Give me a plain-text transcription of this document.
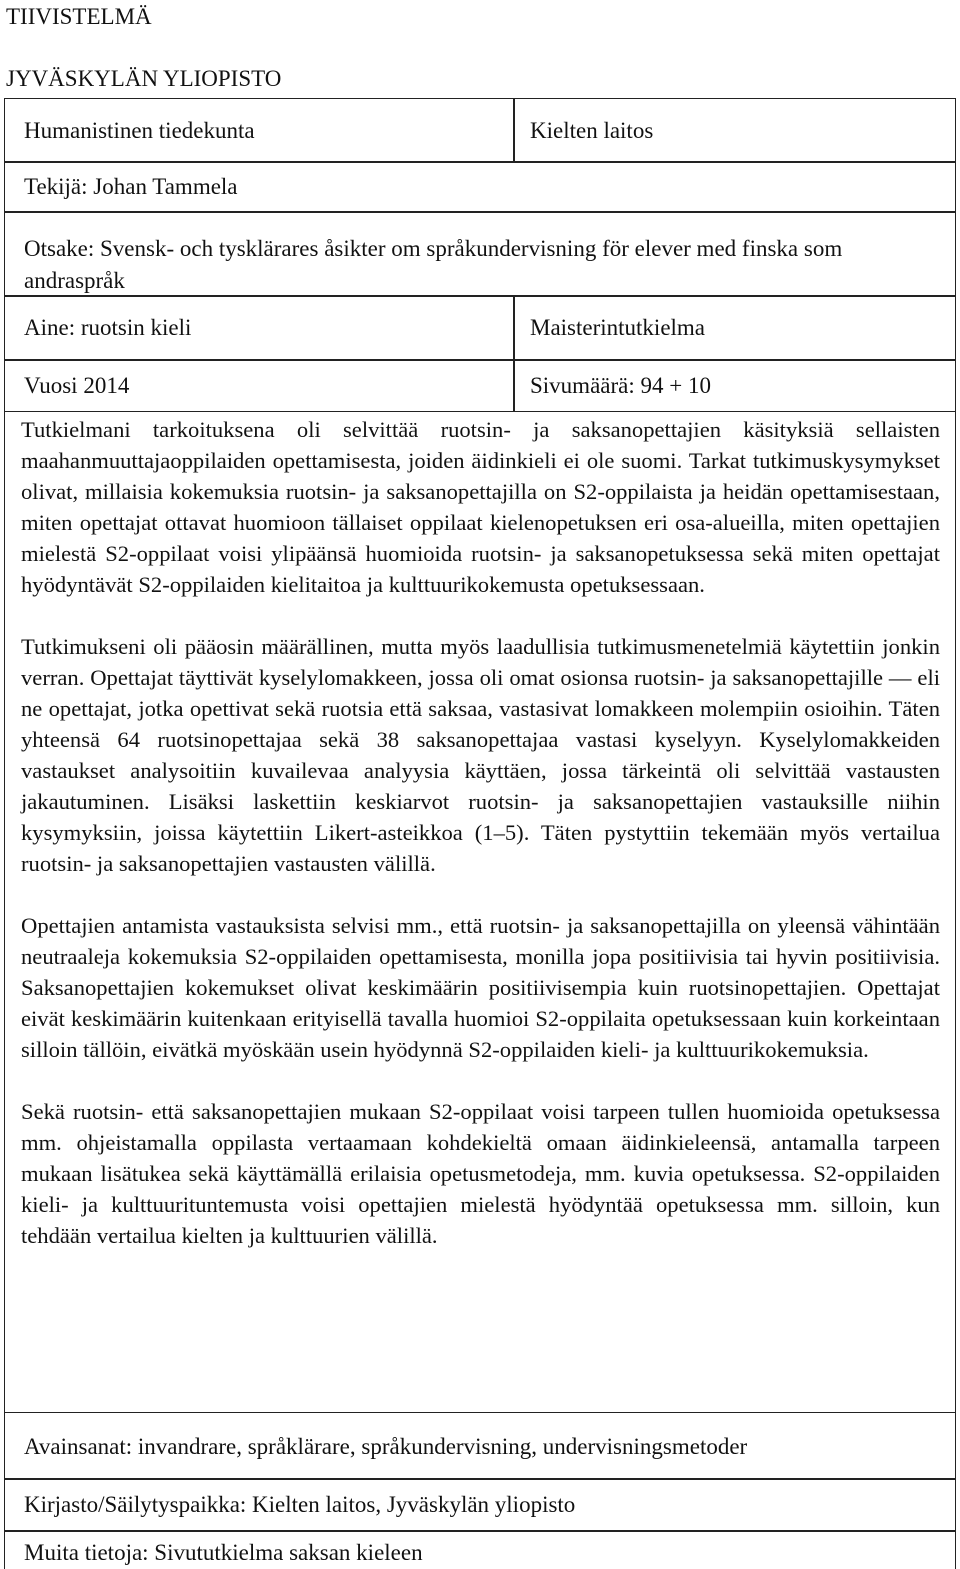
TIIVISTELMÄ
JYVÄSKYLÄN YLIOPISTO
Humanistinen tiedekunta	Kielten laitos
Tekijä: Johan Tammela
Otsake: Svensk- och tysklärares åsikter om språkundervisning för elever med finska som andraspråk
Aine: ruotsin kieli	Maisterintutkielma
Vuosi 2014	Sivumäärä: 94 + 10

Tutkielmani tarkoituksena oli selvittää ruotsin- ja saksanopettajien käsityksiä sellaisten maahanmuuttajaoppilaiden opettamisesta, joiden äidinkieli ei ole suomi. Tarkat tutkimuskysymykset olivat, millaisia kokemuksia ruotsin- ja saksanopettajilla on S2-oppilaista ja heidän opettamisestaan, miten opettajat ottavat huomioon tällaiset oppilaat kielenopetuksen eri osa-alueilla, miten opettajien mielestä S2-oppilaat voisi ylipäänsä huomioida ruotsin- ja saksanopetuksessa sekä miten opettajat hyödyntävät S2-oppilaiden kielitaitoa ja kulttuurikokemusta opetuksessaan.

Tutkimukseni oli pääosin määrällinen, mutta myös laadullisia tutkimusmenetelmiä käytettiin jonkin verran. Opettajat täyttivät kyselylomakkeen, jossa oli omat osionsa ruotsin- ja saksanopettajille — eli ne opettajat, jotka opettivat sekä ruotsia että saksaa, vastasivat lomakkeen molempiin osioihin. Täten yhteensä 64 ruotsinopettajaa sekä 38 saksanopettajaa vastasi kyselyyn. Kyselylomakkeiden vastaukset analysoitiin kuvailevaa analyysia käyttäen, jossa tärkeintä oli selvittää vastausten jakautuminen. Lisäksi laskettiin keskiarvot ruotsin- ja saksanopettajien vastauksille niihin kysymyksiin, joissa käytettiin Likert-asteikkoa (1–5). Täten pystyttiin tekemään myös vertailua ruotsin- ja saksanopettajien vastausten välillä.

Opettajien antamista vastauksista selvisi mm., että ruotsin- ja saksanopettajilla on yleensä vähintään neutraaleja kokemuksia S2-oppilaiden opettamisesta, monilla jopa positiivisia tai hyvin positiivisia. Saksanopettajien kokemukset olivat keskimäärin positiivisempia kuin ruotsinopettajien. Opettajat eivät keskimäärin kuitenkaan erityisellä tavalla huomioi S2-oppilaita opetuksessaan kuin korkeintaan silloin tällöin, eivätkä myöskään usein hyödynnä S2-oppilaiden kieli- ja kulttuurikokemuksia.

Sekä ruotsin- että saksanopettajien mukaan S2-oppilaat voisi tarpeen tullen huomioida opetuksessa mm. ohjeistamalla oppilasta vertaamaan kohdekieltä omaan äidinkieleensä, antamalla tarpeen mukaan lisätukea sekä käyttämällä erilaisia opetusmetodeja, mm. kuvia opetuksessa. S2-oppilaiden kieli- ja kulttuurituntemusta voisi opettajien mielestä hyödyntää opetuksessa mm. silloin, kun tehdään vertailua kielten ja kulttuurien välillä.

Avainsanat: invandrare, språklärare, språkundervisning, undervisningsmetoder
Kirjasto/Säilytyspaikka: Kielten laitos, Jyväskylän yliopisto
Muita tietoja: Sivututkielma saksan kieleen
